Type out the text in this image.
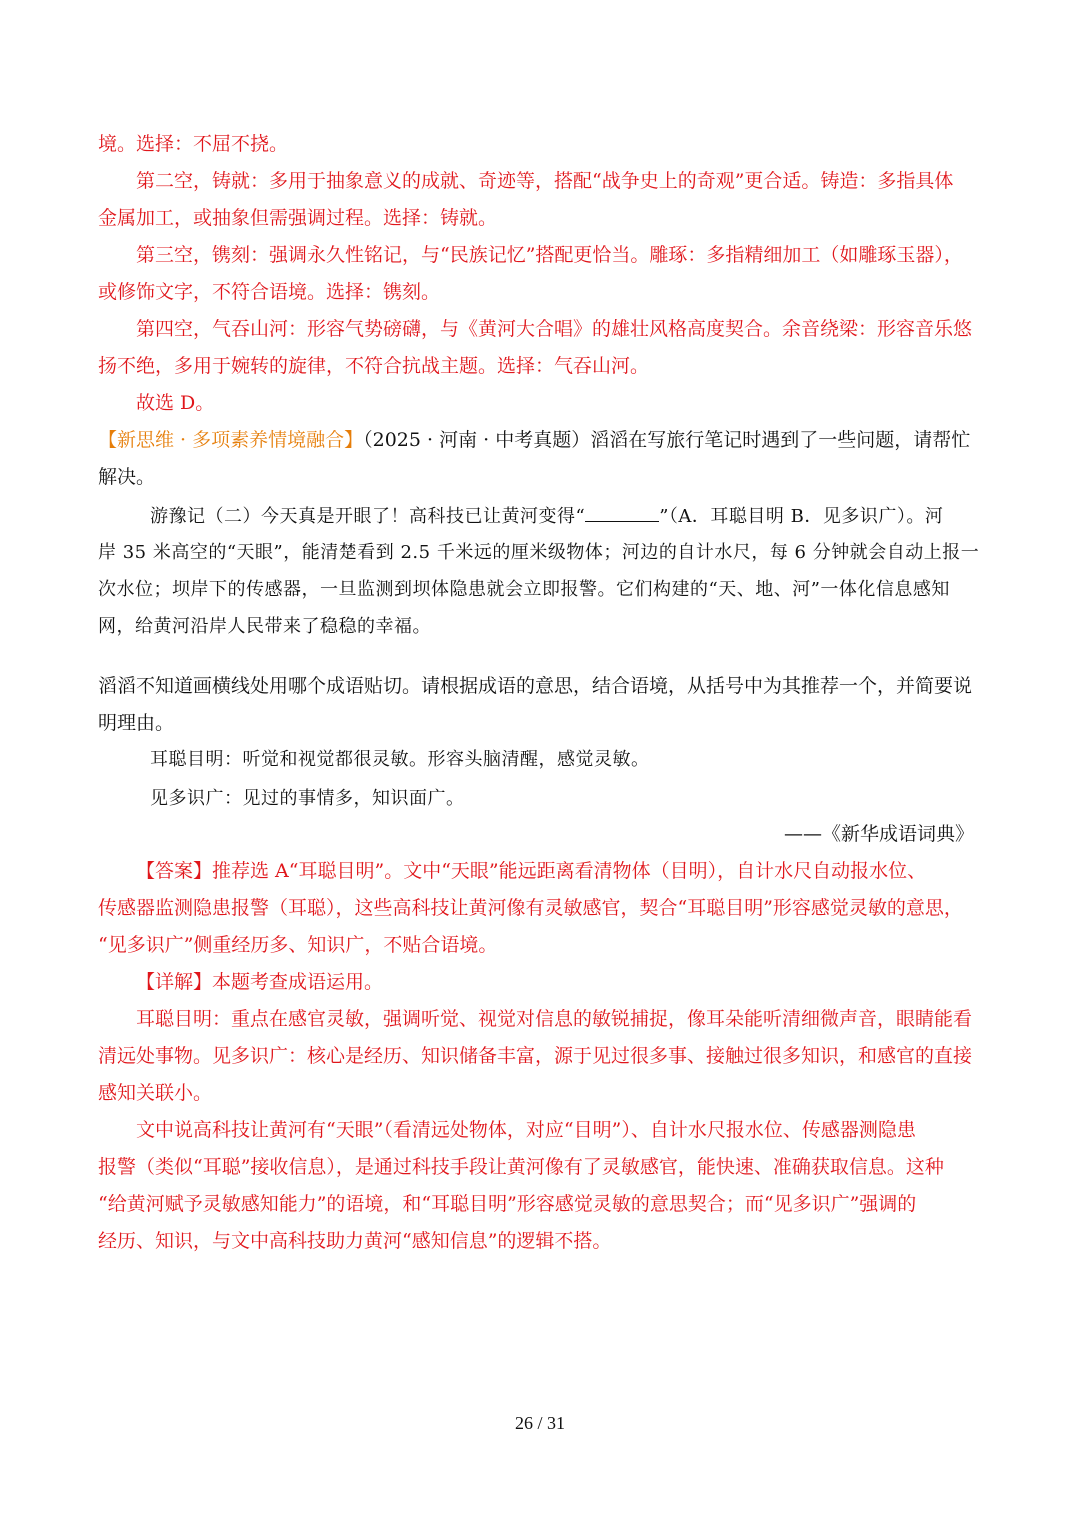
境。选择：不屈不挠。
第二空，铸就：多用于抽象意义的成就、奇迹等，搭配“战争史上的奇观”更合适。铸造：多指具体
金属加工，或抽象但需强调过程。选择：铸就。
第三空，镌刻：强调永久性铭记，与“民族记忆”搭配更恰当。雕琢：多指精细加工（如雕琢玉器），
或修饰文字，不符合语境。选择：镌刻。
第四空，气吞山河：形容气势磅礴，与《黄河大合唱》的雄壮风格高度契合。余音绕梁：形容音乐悠
扬不绝，多用于婉转的旋律，不符合抗战主题。选择：气吞山河。
故选 D。
【新思维 · 多项素养情境融合】（2025 · 河南 · 中考真题）滔滔在写旅行笔记时遇到了一些问题，请帮忙
解决。
游豫记（二）今天真是开眼了！高科技已让黄河变得“	”（A．耳聪目明 B．见多识广）。河
岸 35 米高空的“天眼”，能清楚看到 2.5 千米远的厘米级物体；河边的自计水尺，每 6 分钟就会自动上报一
次水位；坝岸下的传感器，一旦监测到坝体隐患就会立即报警。它们构建的“天、地、河”一体化信息感知
网，给黄河沿岸人民带来了稳稳的幸福。
滔滔不知道画横线处用哪个成语贴切。请根据成语的意思，结合语境，从括号中为其推荐一个，并简要说
明理由。
耳聪目明：听觉和视觉都很灵敏。形容头脑清醒，感觉灵敏。
见多识广：见过的事情多，知识面广。
——《新华成语词典》
【答案】推荐选 A“耳聪目明”。文中“天眼”能远距离看清物体（目明），自计水尺自动报水位、
传感器监测隐患报警（耳聪），这些高科技让黄河像有灵敏感官，契合“耳聪目明”形容感觉灵敏的意思，
“见多识广”侧重经历多、知识广，不贴合语境。
【详解】本题考查成语运用。
耳聪目明：重点在感官灵敏，强调听觉、视觉对信息的敏锐捕捉，像耳朵能听清细微声音，眼睛能看
清远处事物。见多识广：核心是经历、知识储备丰富，源于见过很多事、接触过很多知识，和感官的直接
感知关联小。
文中说高科技让黄河有“天眼”（看清远处物体，对应“目明”）、自计水尺报水位、传感器测隐患
报警（类似“耳聪”接收信息），是通过科技手段让黄河像有了灵敏感官，能快速、准确获取信息。这种
“给黄河赋予灵敏感知能力”的语境，和“耳聪目明”形容感觉灵敏的意思契合；而“见多识广”强调的
经历、知识，与文中高科技助力黄河“感知信息”的逻辑不搭。
26 / 31
